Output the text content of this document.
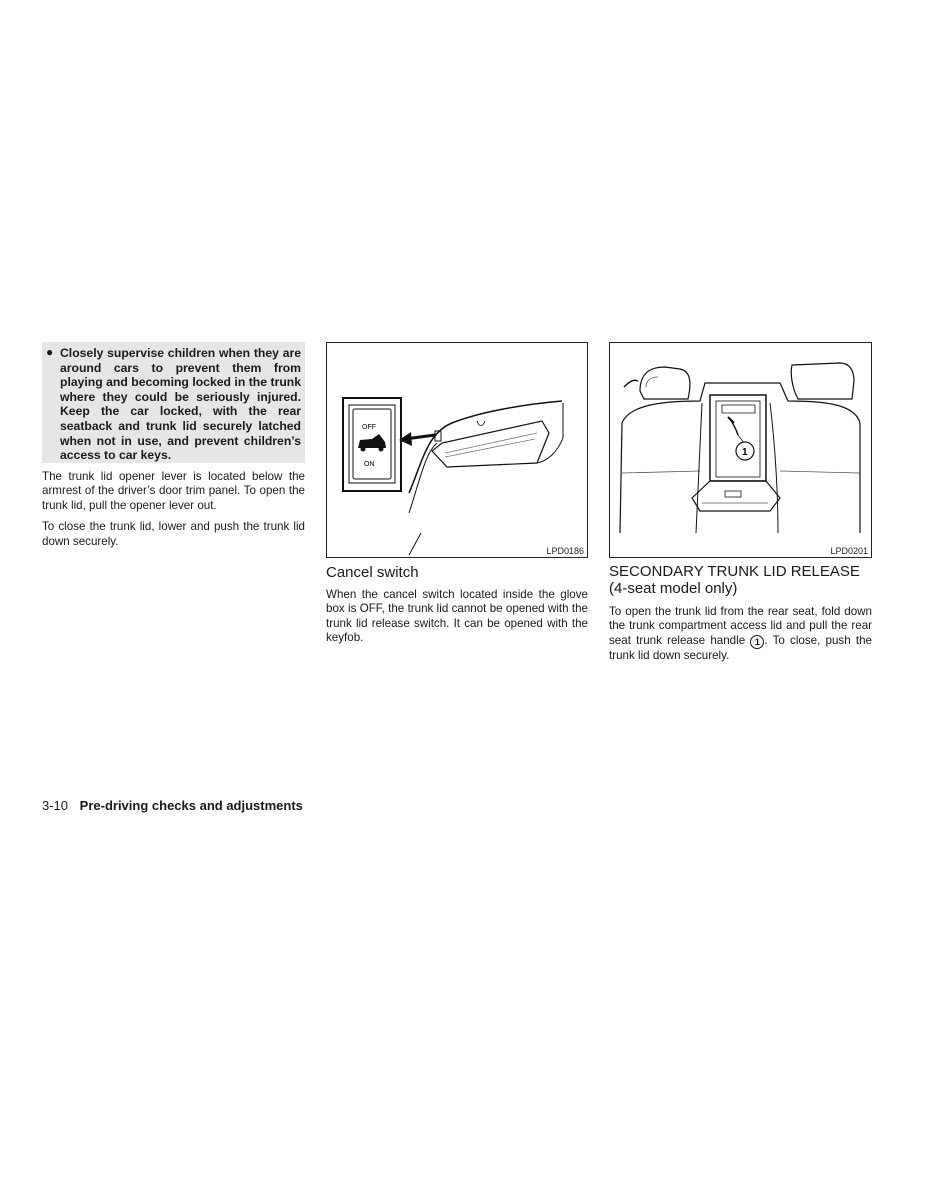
● Closely supervise children when they are around cars to prevent them from playing and becoming locked in the trunk where they could be seriously injured. Keep the car locked, with the rear seatback and trunk lid securely latched when not in use, and prevent children’s access to car keys.

The trunk lid opener lever is located below the armrest of the driver’s door trim panel. To open the trunk lid, pull the opener lever out.

To close the trunk lid, lower and push the trunk lid down securely.

OFF
ON
LPD0186
Cancel switch

When the cancel switch located inside the glove box is OFF, the trunk lid cannot be opened with the trunk lid release switch. It can be opened with the keyfob.

1
LPD0201
SECONDARY TRUNK LID RELEASE
(4-seat model only)

To open the trunk lid from the rear seat, fold down the trunk compartment access lid and pull the rear seat trunk release handle 1 . To close, push the trunk lid down securely.

3-10 Pre-driving checks and adjustments
